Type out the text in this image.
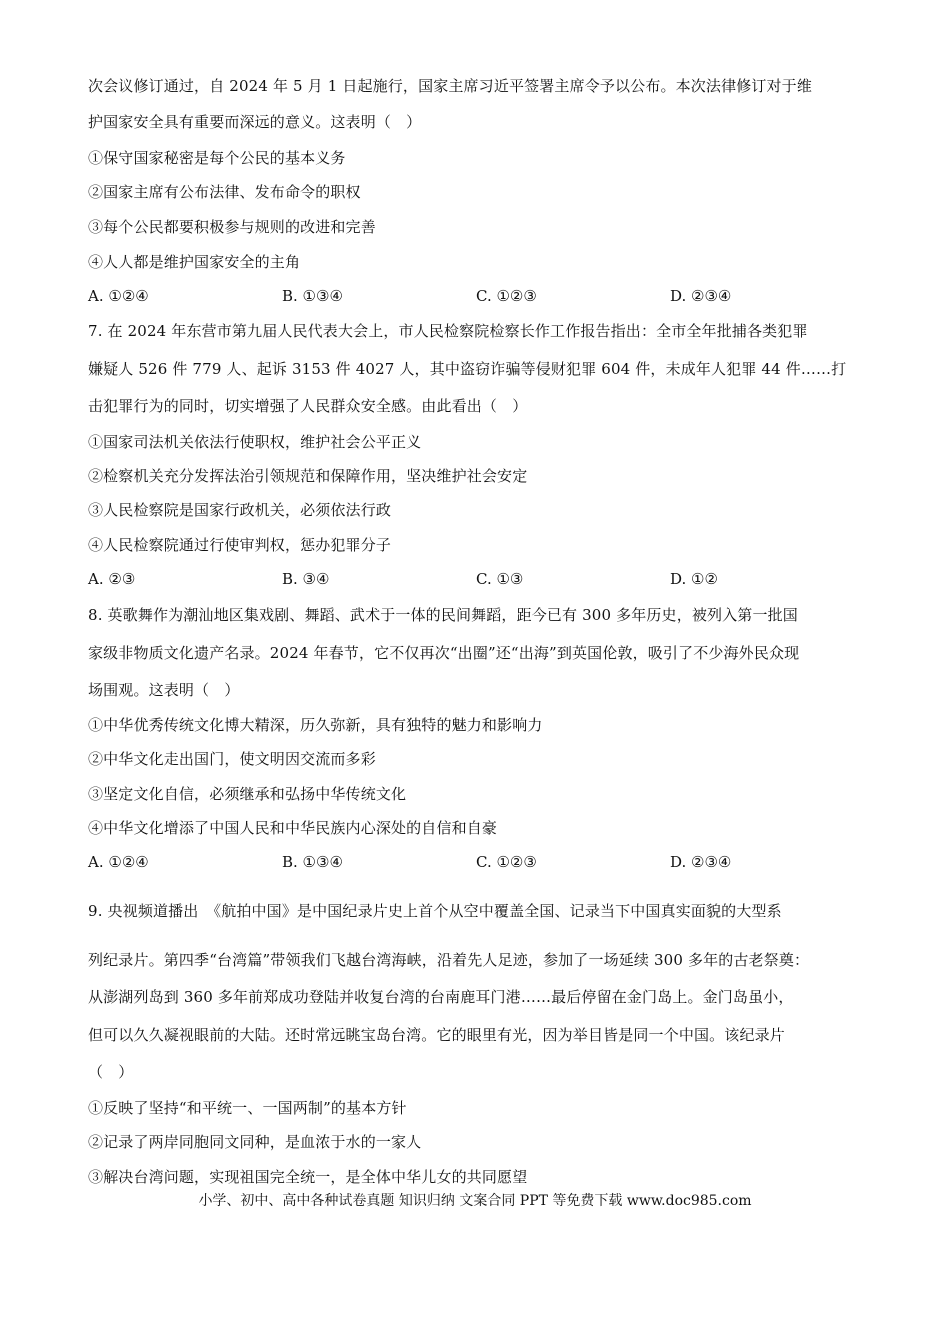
次会议修订通过，自 2024 年 5 月 1 日起施行，国家主席习近平签署主席令予以公布。本次法律修订对于维
护国家安全具有重要而深远的意义。这表明（　）
①保守国家秘密是每个公民的基本义务
②国家主席有公布法律、发布命令的职权
③每个公民都要积极参与规则的改进和完善
④人人都是维护国家安全的主角
A. ①②④	B. ①③④	C. ①②③	D. ②③④
7. 在 2024 年东营市第九届人民代表大会上，市人民检察院检察长作工作报告指出：全市全年批捕各类犯罪
嫌疑人 526 件 779 人、起诉 3153 件 4027 人，其中盗窃诈骗等侵财犯罪 604 件，未成年人犯罪 44 件……打
击犯罪行为的同时，切实增强了人民群众安全感。由此看出（　）
①国家司法机关依法行使职权，维护社会公平正义
②检察机关充分发挥法治引领规范和保障作用，坚决维护社会安定
③人民检察院是国家行政机关，必须依法行政
④人民检察院通过行使审判权，惩办犯罪分子
A. ②③	B. ③④	C. ①③	D. ①②
8. 英歌舞作为潮汕地区集戏剧、舞蹈、武术于一体的民间舞蹈，距今已有 300 多年历史，被列入第一批国
家级非物质文化遗产名录。2024 年春节，它不仅再次“出圈”还“出海”到英国伦敦，吸引了不少海外民众现
场围观。这表明（　）
①中华优秀传统文化博大精深，历久弥新，具有独特的魅力和影响力
②中华文化走出国门，使文明因交流而多彩
③坚定文化自信，必须继承和弘扬中华传统文化
④中华文化增添了中国人民和中华民族内心深处的自信和自豪
A. ①②④	B. ①③④	C. ①②③	D. ②③④
9. 央视频道播出　《航拍中国》是中国纪录片史上首个从空中覆盖全国、记录当下中国真实面貌的大型系
列纪录片。第四季“台湾篇”带领我们飞越台湾海峡，沿着先人足迹，参加了一场延续 300 多年的古老祭奠：
从澎湖列岛到 360 多年前郑成功登陆并收复台湾的台南鹿耳门港……最后停留在金门岛上。金门岛虽小，
但可以久久凝视眼前的大陆。还时常远眺宝岛台湾。它的眼里有光，因为举目皆是同一个中国。该纪录片
（　）
①反映了坚持“和平统一、一国两制”的基本方针
②记录了两岸同胞同文同种，是血浓于水的一家人
③解决台湾问题，实现祖国完全统一，是全体中华儿女的共同愿望
小学、初中、高中各种试卷真题 知识归纳 文案合同 PPT 等免费下载 www.doc985.com
